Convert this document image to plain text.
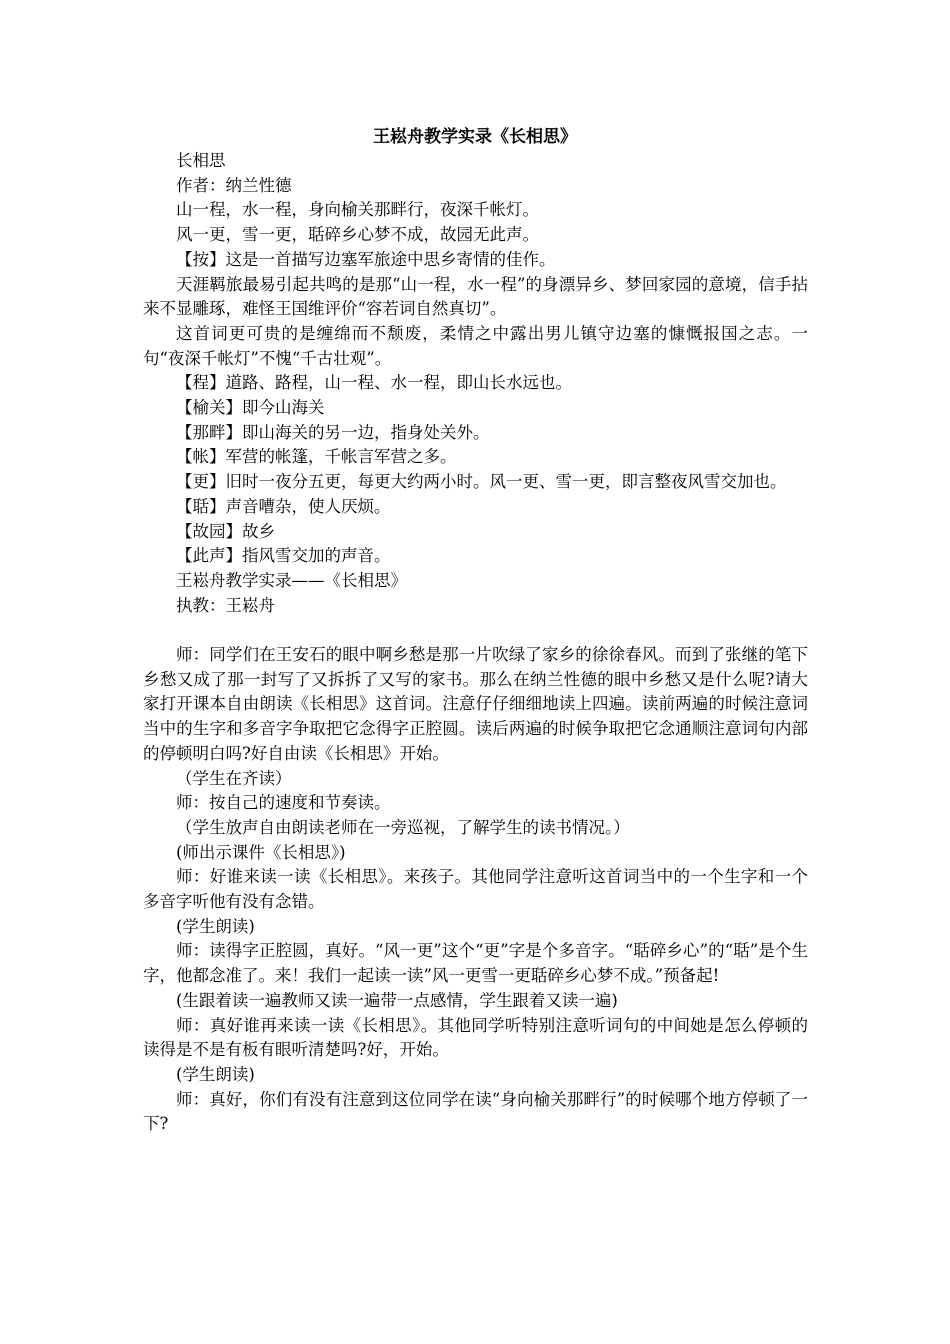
王崧舟教学实录《长相思》

长相思

作者：纳兰性德

山一程，水一程，身向榆关那畔行，夜深千帐灯。

风一更，雪一更，聒碎乡心梦不成，故园无此声。

【按】这是一首描写边塞军旅途中思乡寄情的佳作。

天涯羁旅最易引起共鸣的是那“山一程，水一程”的身漂异乡、梦回家园的意境，信手拈来不显雕琢，难怪王国维评价“容若词自然真切”。

这首词更可贵的是缠绵而不颓废，柔情之中露出男儿镇守边塞的慷慨报国之志。一句“夜深千帐灯”不愧“千古壮观”。

【程】道路、路程，山一程、水一程，即山长水远也。

【榆关】即今山海关

【那畔】即山海关的另一边，指身处关外。

【帐】军营的帐篷，千帐言军营之多。

【更】旧时一夜分五更，每更大约两小时。风一更、雪一更，即言整夜风雪交加也。

【聒】声音嘈杂，使人厌烦。

【故园】故乡

【此声】指风雪交加的声音。

王崧舟教学实录——《长相思》

执教：王崧舟

师：同学们在王安石的眼中啊乡愁是那一片吹绿了家乡的徐徐春风。而到了张继的笔下乡愁又成了那一封写了又拆拆了又写的家书。那么在纳兰性德的眼中乡愁又是什么呢?请大家打开课本自由朗读《长相思》这首词。注意仔仔细细地读上四遍。读前两遍的时候注意词当中的生字和多音字争取把它念得字正腔圆。读后两遍的时候争取把它念通顺注意词句内部的停顿明白吗?好自由读《长相思》开始。

（学生在齐读）

师：按自己的速度和节奏读。

（学生放声自由朗读老师在一旁巡视，了解学生的读书情况。）

(师出示课件《长相思》)

师：好谁来读一读《长相思》。来孩子。其他同学注意听这首词当中的一个生字和一个多音字听他有没有念错。

(学生朗读)

师：读得字正腔圆，真好。“风一更”这个“更”字是个多音字。“聒碎乡心”的“聒”是个生字，他都念准了。来！我们一起读一读”风一更雪一更聒碎乡心梦不成。”预备起!

(生跟着读一遍教师又读一遍带一点感情，学生跟着又读一遍)

师：真好谁再来读一读《长相思》。其他同学听特别注意听词句的中间她是怎么停顿的读得是不是有板有眼听清楚吗?好，开始。

(学生朗读)

师：真好，你们有没有注意到这位同学在读“身向榆关那畔行”的时候哪个地方停顿了一下?
